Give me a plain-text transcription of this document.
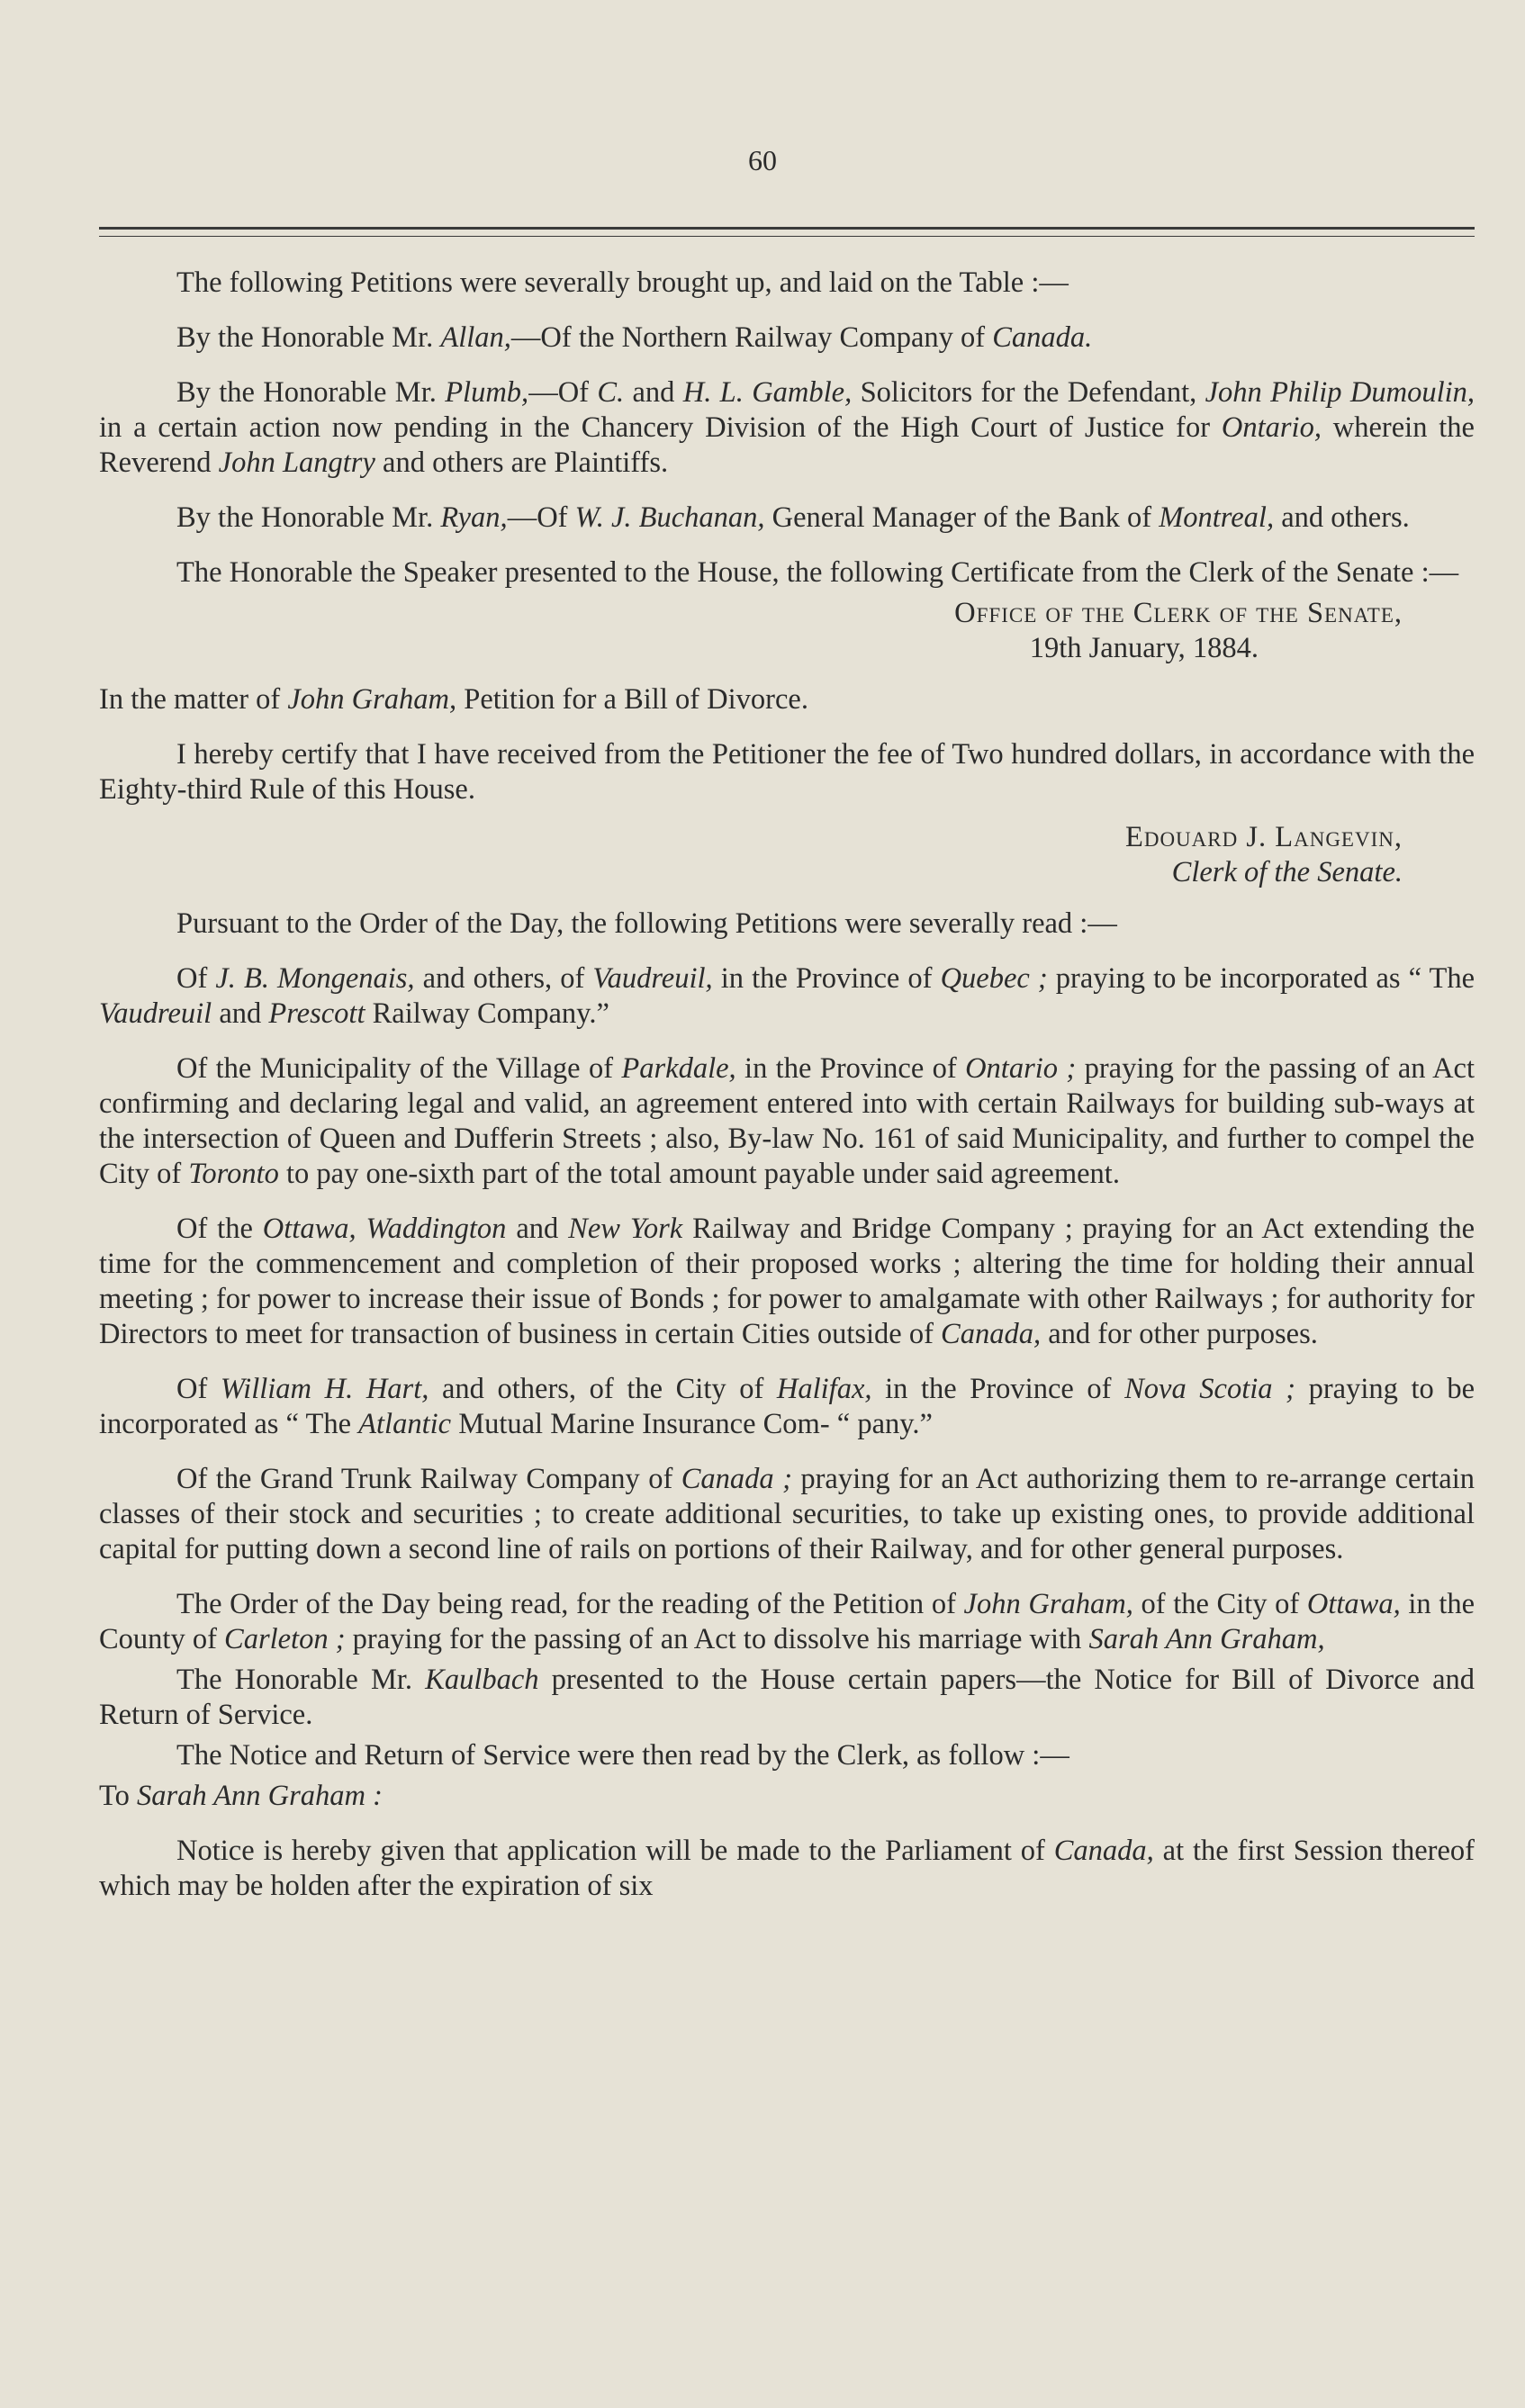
60

The following Petitions were severally brought up, and laid on the Table :—

By the Honorable Mr. Allan,—Of the Northern Railway Company of Canada.

By the Honorable Mr. Plumb,—Of C. and H. L. Gamble, Solicitors for the Defendant, John Philip Dumoulin, in a certain action now pending in the Chancery Division of the High Court of Justice for Ontario, wherein the Reverend John Langtry and others are Plaintiffs.

By the Honorable Mr. Ryan,—Of W. J. Buchanan, General Manager of the Bank of Montreal, and others.

The Honorable the Speaker presented to the House, the following Certificate from the Clerk of the Senate :—

Office of the Clerk of the Senate,
19th January, 1884.

In the matter of John Graham, Petition for a Bill of Divorce.

I hereby certify that I have received from the Petitioner the fee of Two hundred dollars, in accordance with the Eighty-third Rule of this House.

Edouard J. Langevin,
Clerk of the Senate.

Pursuant to the Order of the Day, the following Petitions were severally read :—

Of J. B. Mongenais, and others, of Vaudreuil, in the Province of Quebec ; praying to be incorporated as “ The Vaudreuil and Prescott Railway Company.”

Of the Municipality of the Village of Parkdale, in the Province of Ontario ; praying for the passing of an Act confirming and declaring legal and valid, an agreement entered into with certain Railways for building sub-ways at the intersection of Queen and Dufferin Streets ; also, By-law No. 161 of said Municipality, and further to compel the City of Toronto to pay one-sixth part of the total amount payable under said agreement.

Of the Ottawa, Waddington and New York Railway and Bridge Company ; praying for an Act extending the time for the commencement and completion of their proposed works ; altering the time for holding their annual meeting ; for power to increase their issue of Bonds ; for power to amalgamate with other Railways ; for authority for Directors to meet for transaction of business in certain Cities outside of Canada, and for other purposes.

Of William H. Hart, and others, of the City of Halifax, in the Province of Nova Scotia ; praying to be incorporated as “ The Atlantic Mutual Marine Insurance Com- “ pany.”

Of the Grand Trunk Railway Company of Canada ; praying for an Act authorizing them to re-arrange certain classes of their stock and securities ; to create additional securities, to take up existing ones, to provide additional capital for putting down a second line of rails on portions of their Railway, and for other general purposes.

The Order of the Day being read, for the reading of the Petition of John Graham, of the City of Ottawa, in the County of Carleton ; praying for the passing of an Act to dissolve his marriage with Sarah Ann Graham,

The Honorable Mr. Kaulbach presented to the House certain papers—the Notice for Bill of Divorce and Return of Service.

The Notice and Return of Service were then read by the Clerk, as follow :—

To Sarah Ann Graham :

Notice is hereby given that application will be made to the Parliament of Canada, at the first Session thereof which may be holden after the expiration of six
